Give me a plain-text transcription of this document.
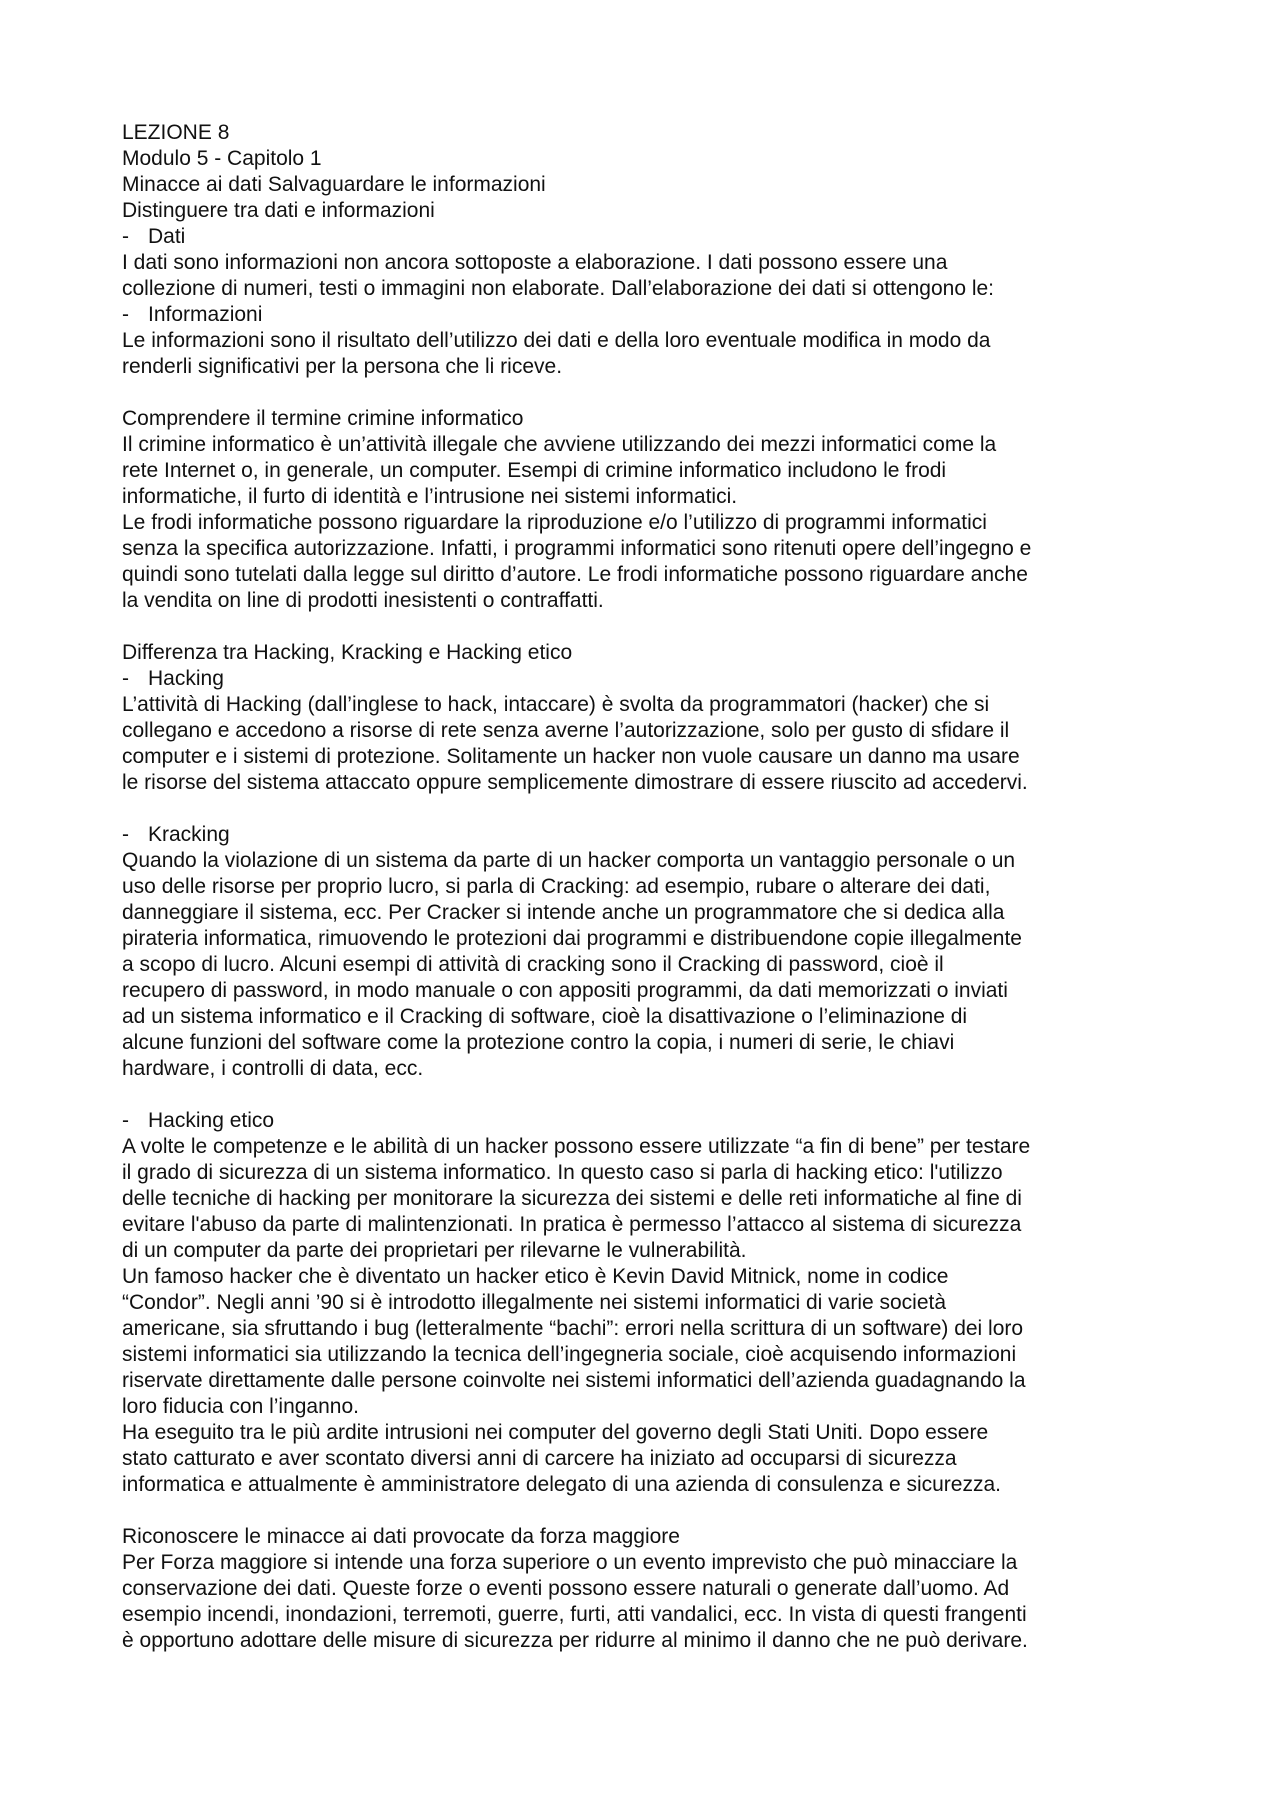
LEZIONE 8
Modulo 5 - Capitolo 1
Minacce ai dati Salvaguardare le informazioni
Distinguere tra dati e informazioni
- Dati
I dati sono informazioni non ancora sottoposte a elaborazione. I dati possono essere una
collezione di numeri, testi o immagini non elaborate. Dall’elaborazione dei dati si ottengono le:
- Informazioni
Le informazioni sono il risultato dell’utilizzo dei dati e della loro eventuale modifica in modo da
renderli significativi per la persona che li riceve.
Comprendere il termine crimine informatico
Il crimine informatico è un’attività illegale che avviene utilizzando dei mezzi informatici come la
rete Internet o, in generale, un computer. Esempi di crimine informatico includono le frodi
informatiche, il furto di identità e l’intrusione nei sistemi informatici.
Le frodi informatiche possono riguardare la riproduzione e/o l’utilizzo di programmi informatici
senza la specifica autorizzazione. Infatti, i programmi informatici sono ritenuti opere dell’ingegno e
quindi sono tutelati dalla legge sul diritto d’autore. Le frodi informatiche possono riguardare anche
la vendita on line di prodotti inesistenti o contraffatti.
Differenza tra Hacking, Kracking e Hacking etico
- Hacking
L’attività di Hacking (dall’inglese to hack, intaccare) è svolta da programmatori (hacker) che si
collegano e accedono a risorse di rete senza averne l’autorizzazione, solo per gusto di sfidare il
computer e i sistemi di protezione. Solitamente un hacker non vuole causare un danno ma usare
le risorse del sistema attaccato oppure semplicemente dimostrare di essere riuscito ad accedervi.
- Kracking
Quando la violazione di un sistema da parte di un hacker comporta un vantaggio personale o un
uso delle risorse per proprio lucro, si parla di Cracking: ad esempio, rubare o alterare dei dati,
danneggiare il sistema, ecc. Per Cracker si intende anche un programmatore che si dedica alla
pirateria informatica, rimuovendo le protezioni dai programmi e distribuendone copie illegalmente
a scopo di lucro. Alcuni esempi di attività di cracking sono il Cracking di password, cioè il
recupero di password, in modo manuale o con appositi programmi, da dati memorizzati o inviati
ad un sistema informatico e il Cracking di software, cioè la disattivazione o l’eliminazione di
alcune funzioni del software come la protezione contro la copia, i numeri di serie, le chiavi
hardware, i controlli di data, ecc.
- Hacking etico
A volte le competenze e le abilità di un hacker possono essere utilizzate “a fin di bene” per testare
il grado di sicurezza di un sistema informatico. In questo caso si parla di hacking etico: l'utilizzo
delle tecniche di hacking per monitorare la sicurezza dei sistemi e delle reti informatiche al fine di
evitare l'abuso da parte di malintenzionati. In pratica è permesso l’attacco al sistema di sicurezza
di un computer da parte dei proprietari per rilevarne le vulnerabilità.
Un famoso hacker che è diventato un hacker etico è Kevin David Mitnick, nome in codice
“Condor”. Negli anni ’90 si è introdotto illegalmente nei sistemi informatici di varie società
americane, sia sfruttando i bug (letteralmente “bachi”: errori nella scrittura di un software) dei loro
sistemi informatici sia utilizzando la tecnica dell’ingegneria sociale, cioè acquisendo informazioni
riservate direttamente dalle persone coinvolte nei sistemi informatici dell’azienda guadagnando la
loro fiducia con l’inganno.
Ha eseguito tra le più ardite intrusioni nei computer del governo degli Stati Uniti. Dopo essere
stato catturato e aver scontato diversi anni di carcere ha iniziato ad occuparsi di sicurezza
informatica e attualmente è amministratore delegato di una azienda di consulenza e sicurezza.
Riconoscere le minacce ai dati provocate da forza maggiore
Per Forza maggiore si intende una forza superiore o un evento imprevisto che può minacciare la
conservazione dei dati. Queste forze o eventi possono essere naturali o generate dall’uomo. Ad
esempio incendi, inondazioni, terremoti, guerre, furti, atti vandalici, ecc. In vista di questi frangenti
è opportuno adottare delle misure di sicurezza per ridurre al minimo il danno che ne può derivare.
